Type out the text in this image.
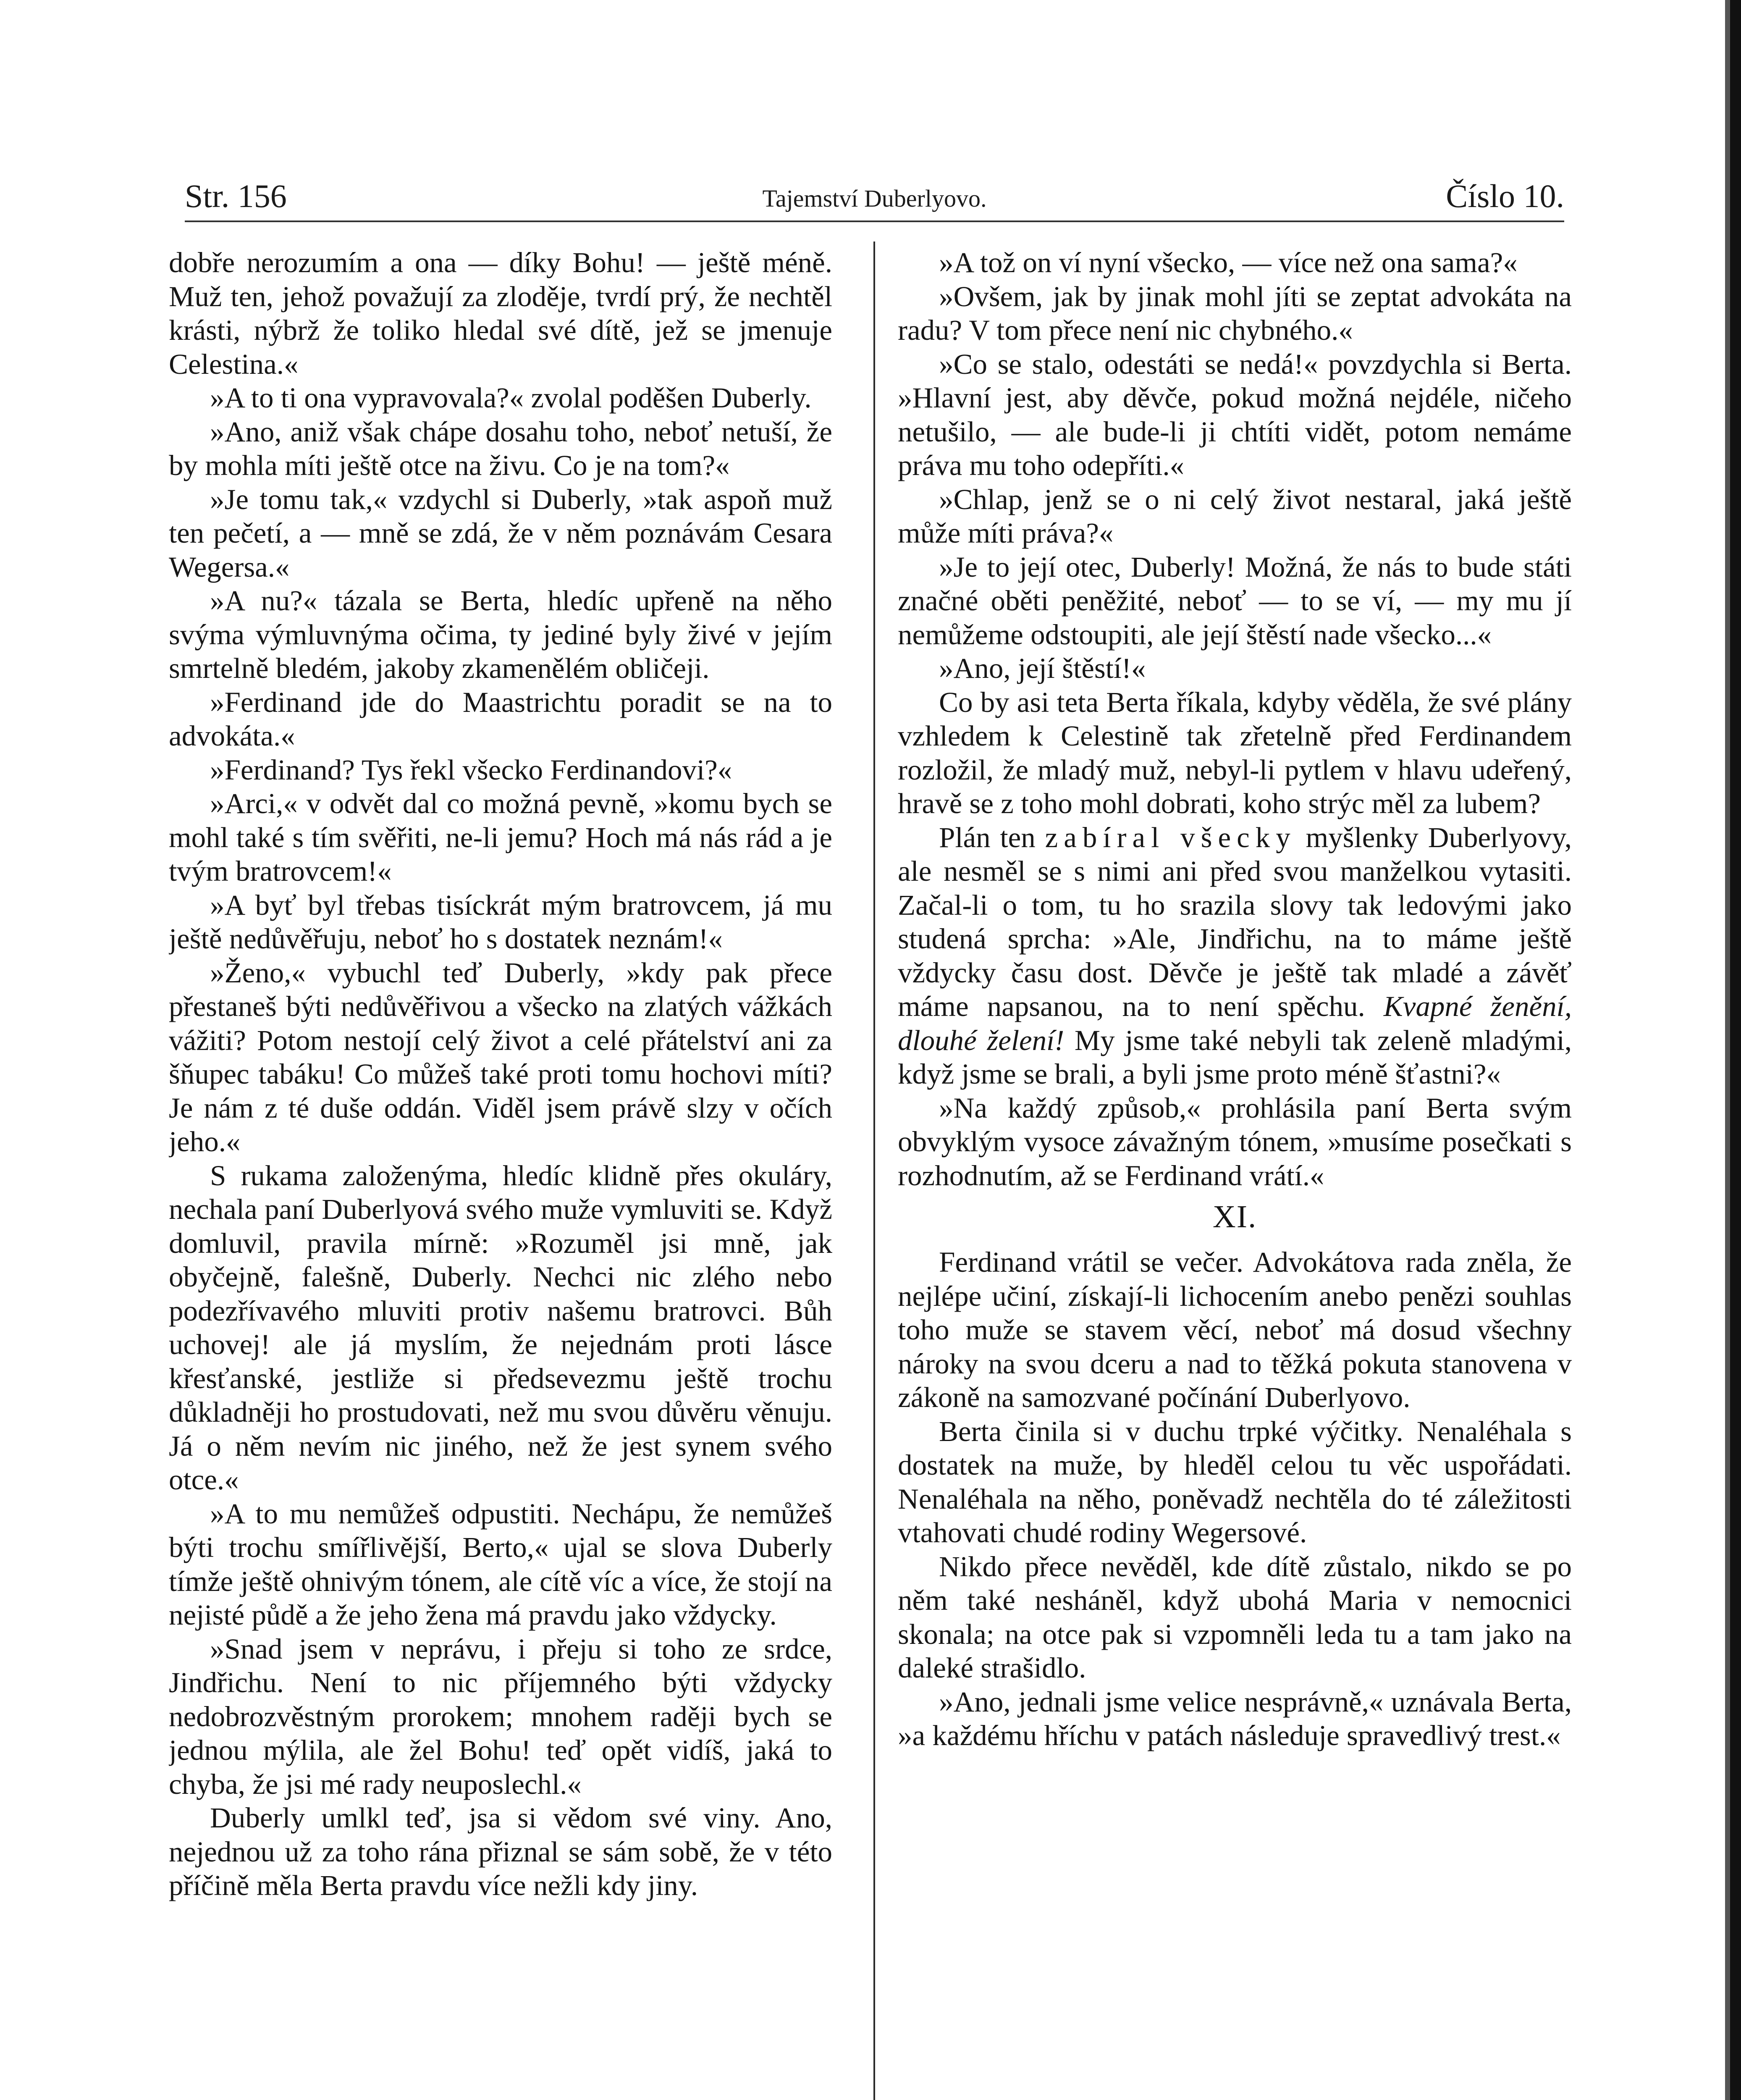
Str. 156	Tajemství Duberlyovo.	Číslo 10.

dobře nerozumím a ona — díky Bohu! — ještě méně. Muž ten, jehož považují za zloděje, tvrdí prý, že nechtěl krásti, nýbrž že toliko hledal své dítě, jež se jmenuje Celestina.«

»A to ti ona vypravovala?« zvolal poděšen Duberly.

»Ano, aniž však chápe dosahu toho, neboť netuší, že by mohla míti ještě otce na živu. Co je na tom?«

»Je tomu tak,« vzdychl si Duberly, »tak aspoň muž ten pečetí, a — mně se zdá, že v něm poznávám Cesara Wegersa.«

»A nu?« tázala se Berta, hledíc upřeně na něho svýma výmluvnýma očima, ty jediné byly živé v jejím smrtelně bledém, jakoby zkamenělém obličeji.

»Ferdinand jde do Maastrichtu poradit se na to advokáta.«

»Ferdinand? Tys řekl všecko Ferdinandovi?«

»Arci,« v odvět dal co možná pevně, »komu bych se mohl také s tím svěřiti, ne-li jemu? Hoch má nás rád a je tvým bratrovcem!«

»A byť byl třebas tisíckrát mým bratrovcem, já mu ještě nedůvěřuju, neboť ho s dostatek neznám!«

»Ženo,« vybuchl teď Duberly, »kdy pak přece přestaneš býti nedůvěřivou a všecko na zlatých vážkách vážiti? Potom nestojí celý život a celé přátelství ani za šňupec tabáku! Co můžeš také proti tomu hochovi míti? Je nám z té duše oddán. Viděl jsem právě slzy v očích jeho.«

S rukama založenýma, hledíc klidně přes okuláry, nechala paní Duberlyová svého muže vymluviti se. Když domluvil, pravila mírně: »Rozuměl jsi mně, jak obyčejně, falešně, Duberly. Nechci nic zlého nebo podezřívavého mluviti protiv našemu bratrovci. Bůh uchovej! ale já myslím, že nejednám proti lásce křesťanské, jestliže si předsevezmu ještě trochu důkladněji ho prostudovati, než mu svou důvěru věnuju. Já o něm nevím nic jiného, než že jest synem svého otce.«

»A to mu nemůžeš odpustiti. Nechápu, že nemůžeš býti trochu smířlivější, Berto,« ujal se slova Duberly tímže ještě ohnivým tónem, ale cítě víc a více, že stojí na nejisté půdě a že jeho žena má pravdu jako vždycky.

»Snad jsem v neprávu, i přeju si toho ze srdce, Jindřichu. Není to nic příjemného býti vždycky nedobrozvěstným prorokem; mnohem raději bych se jednou mýlila, ale žel Bohu! teď opět vidíš, jaká to chyba, že jsi mé rady neuposlechl.«

Duberly umlkl teď, jsa si vědom své viny. Ano, nejednou už za toho rána přiznal se sám sobě, že v této příčině měla Berta pravdu více nežli kdy jiny.

»A tož on ví nyní všecko, — více než ona sama?«

»Ovšem, jak by jinak mohl jíti se zeptat advokáta na radu? V tom přece není nic chybného.«

»Co se stalo, odestáti se nedá!« povzdychla si Berta. »Hlavní jest, aby děvče, pokud možná nejdéle, ničeho netušilo, — ale bude-li ji chtíti vidět, potom nemáme práva mu toho odepříti.«

»Chlap, jenž se o ni celý život nestaral, jaká ještě může míti práva?«

»Je to její otec, Duberly! Možná, že nás to bude státi značné oběti peněžité, neboť — to se ví, — my mu jí nemůžeme odstoupiti, ale její štěstí nade všecko...«

»Ano, její štěstí!«

Co by asi teta Berta říkala, kdyby věděla, že své plány vzhledem k Celestině tak zřetelně před Ferdinandem rozložil, že mladý muž, nebyl-li pytlem v hlavu udeřený, hravě se z toho mohl dobrati, koho strýc měl za lubem?

Plán ten zabíral všecky myšlenky Duberlyovy, ale nesměl se s nimi ani před svou manželkou vytasiti. Začal-li o tom, tu ho srazila slovy tak ledovými jako studená sprcha: »Ale, Jindřichu, na to máme ještě vždycky času dost. Děvče je ještě tak mladé a závěť máme napsanou, na to není spěchu. Kvapné ženění, dlouhé želení! My jsme také nebyli tak zeleně mladými, když jsme se brali, a byli jsme proto méně šťastni?«

»Na každý způsob,« prohlásila paní Berta svým obvyklým vysoce závažným tónem, »musíme posečkati s rozhodnutím, až se Ferdinand vrátí.«

XI.

Ferdinand vrátil se večer. Advokátova rada zněla, že nejlépe učiní, získají-li lichocením anebo penězi souhlas toho muže se stavem věcí, neboť má dosud všechny nároky na svou dceru a nad to těžká pokuta stanovena v zákoně na samozvané počínání Duberlyovo.

Berta činila si v duchu trpké výčitky. Nenaléhala s dostatek na muže, by hleděl celou tu věc uspořádati. Nenaléhala na něho, poněvadž nechtěla do té záležitosti vtahovati chudé rodiny Wegersové.

Nikdo přece nevěděl, kde dítě zůstalo, nikdo se po něm také nesháněl, když ubohá Maria v nemocnici skonala; na otce pak si vzpomněli leda tu a tam jako na daleké strašidlo.

»Ano, jednali jsme velice nesprávně,« uznávala Berta, »a každému hříchu v patách následuje spravedlivý trest.«
